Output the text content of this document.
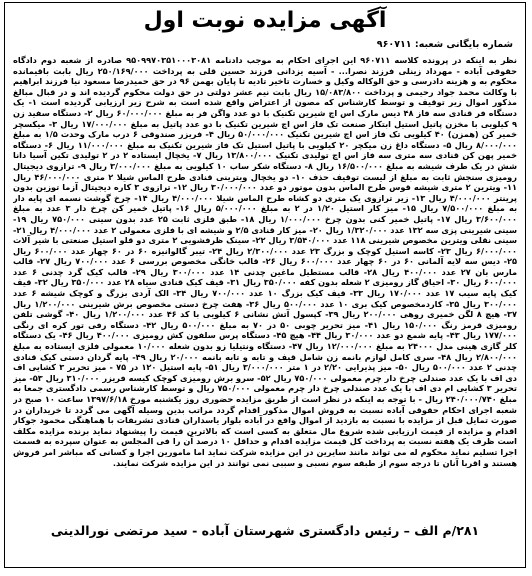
آگهی مزایده نوبت اول
شماره بایگانی شعبه: ۹۶۰۷۱۱
نظر به اینکه در پرونده کلاسه ۹۶۰۷۱۱ این اجرای احکام به موجب دادنامه ۹۵۰۹۹۷۰۳۵۱۰۰۰۳۰۸۱ صادره از شعبه دوم دادگاه حقوقی آباده - مهرداد زینلی فرزند نصرا... - آسیه یزدانی فرزند حسین قلی به پرداخت ۲۵۰/۱۶۹/۰۰۰ ریال بابت باقیمانده محکوم به و هزینه دادرسی و حق الوکاله وکیل و خسارت تاخیر تادیه تا پایان بهمن ۹۶ در حق حمیدرضا مسعود نیا فرزند ابراهیم با وکالت محمد جواد رحیمی و پرداخت ۱۵/۰۸۳/۸۰۰ ریال بابت نیم عشر دولتی در حق دولت محکوم گردیده اند و در قبال مبالغ مذکور اموال زیر توقیف و توسط کارشناس که مصون از اعتراض واقع شده است به شرح زیر ارزیابی گردیده است ۱- یک دستگاه فر قنادی سه فاز ۴۸ دیس مارک اس اچ شیرین تکنیک با دو عدد واگن فر به مبلغ ۶۰/۰۰۰/۰۰۰ ریال ۲- دستگاه سفید زن ۹ کیلویی با مخزن پاتیل استیل ابتکار صنعت تک فاز اس اچ شیرین تکنیک با دو عدد پاتیل به مبلغ ۱۷/۰۰۰/۰۰۰ ریال ۳- میکسچر خمیر کن (همزن) ۴۰ کیلویی تک فاز اس اچ شیرین تکنیک ۵۰/۰۰۰/۰۰۰ ریال ۴- فریزر صندوقی ۶ درب مارک وحدت ۱/۵ به مبلغ ۸/۰۰۰/۰۰۰ ریال ۵- دستگاه داغ زن میکچر ۲۰ کیلویی با پاتیل استیل تک فاز شیرین تکنیک به مبلغ ۱۱/۰۰۰/۰۰۰ ریال ۶- دستگاه خمیر پهن کن قنادی سه متری سه فاز اس اچ تولیدی تکنیک ۱۳/۸۰۰/۰۰۰ ریال ۷- یخچال ایستاده ۲ در ۲ تولیدی تکین آسیا دانا شش در یک طرف شیشه به مبلغ ۱۶/۵۰۰/۰۰۰ ریال ۸- دستگاه شکر ساب ۱۰ کیلویی به مبلغ ۳/۰۰۰/۰۰۰ ریال ۹- ترازوی دیجیتال رومیزی سنجش ثابت به مبلغ از لیست توقیف حذف ۱۰- دو یخچال ویترینی قنادی طرح الماس شیلا ۲ متری ۴۶/۰۰۰/۰۰۰ ریال ۱۱- ویترین ۲ متری شیشه قوس طرح الماس بدون موتور دو عدد ۳۰/۰۰۰/۰۰۰ ریال ۱۲- ترازوی ۳ کاره دیجیتال آزما توزین بدون پرینتر ۴/۰۰۰/۰۰۰ ریال ۱۳- زیر ترازوی یک متری دو کشاه طرح الماس شیلا ۴/۰۰۰/۰۰۰ ریال ۱۴- چرخ گوشت نسمه ای پایه دار به مبلغ ۷/۵۰۰/۰۰۰ ریال ۱۵- میز کار استیل ۱/۲۰ در ۲ به مبلغ ۵/۰۰۰/۰۰۰ ریال ۱۶- پاتیل خمیر کن چرخ دار ۳ عدد به مبلغ ۳/۶۰۰/۰۰۰ ریال ۱۷- پاتیل خمیر کنی بدون چرخ ۱/۰۰۰/۰۰۰ ریال ۱۸- طبق فلزی ثابت ۲۵ عدد بدون سینی ۷۵۰/۰۰۰ ریال ۱۹- سینی شیرینی پزی سه ۱۳۲ عدد ۱/۳۲۰/۰۰۰ ریال ۲۰- میز کار قنادی ۲/۵ و شیشه ای با فلزی معمولی ۲ عدد ۴/۰۰۰/۰۰۰ ریال ۲۱- سینی نقلی ویترین مخصوص شیرینی ۱۱۸ عدد ۳/۵۴۰/۰۰۰ ریال ۲۲- سینک ظرفشویی ۲ متری دو قلو استیل صنعتی با شیر آلات ۶/۰۰۰/۰۰۰ ریال ۲۳- کاسه استیل کوچک و بزرگ ۲۳ عدد ۲/۳۰۰/۰۰۰ ریال ۲۴- تیبر گالوانیزه ۶۰ در ۶۰ چهار عدد ۶۰۰/۰۰۰ ریال ۲۵- دیس سه لایه آلمانی ۶۰ در ۶۰ چهار عدد ۶۰۰/۰۰۰ ریال ۲۶- قالب خانگی مخصوص بررسی ۶ عدد ۷۰۰/۰۰۰ ریال ۲۷- قالب مارس بان ۲۷ عدد ۴۰۰/۰۰۰ ریال ۲۸- قالب مستطیل ماغین چدنی ۱۴ عدد ۳۰۰/۰۰۰ ریال ۲۹- قالب کیک گرد چدنی ۶ عدد ۶۰۰/۰۰۰ ریال ۳۰- احیاق گاز رومیزی ۲ شعله بدون کفه ۳۵۰/۰۰۰ ریال ۳۱- قیف کیک قنادی سیاه ۲۸ عدد ۳۵۰/۰۰۰ ریال ۳۲- قیف کیک پایه سیب ۱۷ عدد ۱۷۰/۰۰۰ ریال ۳۳- قیف کیک بزرگ ۱۰ عدد ۷۰۰/۰۰۰ ریال ۳۴- الک آردی بزرگ و کوچک شیشه ۶ عدد ۳۰۰/۰۰۰ ریال ۳۵- کاردمخصوص کیک بری ۱۰ عدد ۵۰۰/۰۰۰ ریال ۳۶- هفت چرخ دستی مخصوص برش شیرینی ۱/۲۰۰/۰۰۰ ریال ۳۷- هیچ ۸ لگن خمیری روهی ۲۰۰/۰۰۰ ریال ۳۹- کپسول آتش نشانی ۶ کیلویی با کد ۴۶ عدد ۱/۲۰۰/۰۰۰ ریال ۴۰- گوشی تلفن رومیزی قرمز رنگ ۱۵۰/۰۰۰ ریال ۴۱- میز تحریر چوبی ۵۰ در ۷۰ به مبلغ ۵۰۰/۰۰۰ ریال ۴۲- دستگاه رفی تور کره ای رنگی ۱۷۷/۰۰۰ ریال ۴۳- پایه شمع دو عدد ۳۰/۰۰۰ ریال ۴۴- هیچ ۴۵- دستگاه پرس سلفون کش رومیزی ۴۰۰/۰۰۰ ریال ۴۶- یک دستگاه کلر گازی هینی مدل ۲۴۰۰۰ به مبلغ ۱۲/۰۰۰/۰۰۰ ریال ۴۷- دستگاه ونتیلیا زو بدون شعله ۱۰/۰۰۰ معمولی فلزی ایستاده به مبلغ ۲/۸۰۰/۰۰۰ ریال ۴۸- سری کامل لوازم بانمه زن شامل قیف و تابه و تابه بانمه ۲۰/۰۰۰ ریال ۴۹- پایه گردان دستی کیک قنادی چدنی ۲ عدد ۵۰۰/۰۰۰ ریال ۵۰- میز پذیرایی ۲/۲۰ در ۱ متر ۳/۰۰۰/۰۰۰ ریال ۵۱- پایه استیل ۱۲۰ در ۷۵ - میز تحریر ۳ کشایی اف دی اف با یک عدد صندلی چرخ دار چرم معمولی ۷۵۰/۰۰۰ ریال ۵۲- سرو برش رومیزی کوچک کیسه فریزر ۳۱۰/۰۰۰ ریال ۵۳- میز تحریر ۳ کشایی ام دی اف با یک عدد صندلی چرخ دار چرم معمولی ۷۵۰/۰۰۰ ریال و توسط کارشناس رسمی دادگستری جمعا به مبلغ ۲۴۰/۰۰۰/۷۴۰ ریال - با توجه به اینکه در نظر است از طریق مزایده حضوری روز یکشنبه مورخ ۱۳۹۷/۶/۱۸ ساعت ۱۰ صبح در شعبه اجرای احکام حقوقی آباده نسبت به فروش اموال مذکور اقدام گردد مراتب بدین وسیله آگهی می گردد تا خریداران در صورت تمایل قبل از مزایده با نسبت به بازدید از اموال واقع در آباده بلوار یاسداران قنادی تشریفات با هماهنگی محمود جوکار اقدام و مزایده از قیمت ارزیابی شده شروع مال متعلق به کسی است که بالاترین قیمت را پیشنهاد نماید برنده مزایده مکلف است ظرف یک هفته نسبت به پرداخت کل قیمت مزایده اقدام و حداقل ۱۰ درصد آن را فی المجلس به عنوان سپرده به قسمت اجرا تسلیم نماید محکوم له می تواند مانند سایرین در این مزایده شرکت نماید اما مامورین اجرا و کسانی که مباشر امر فروش هستند و اقربا آنان تا درجه سوم از طبقه سوم نسبی و سببی نمی توانند در این مزایده شرکت نمایند.
۲۸۱/م الف – رئیس دادگستری شهرستان آباده - سید مرتضی نورالدینی
